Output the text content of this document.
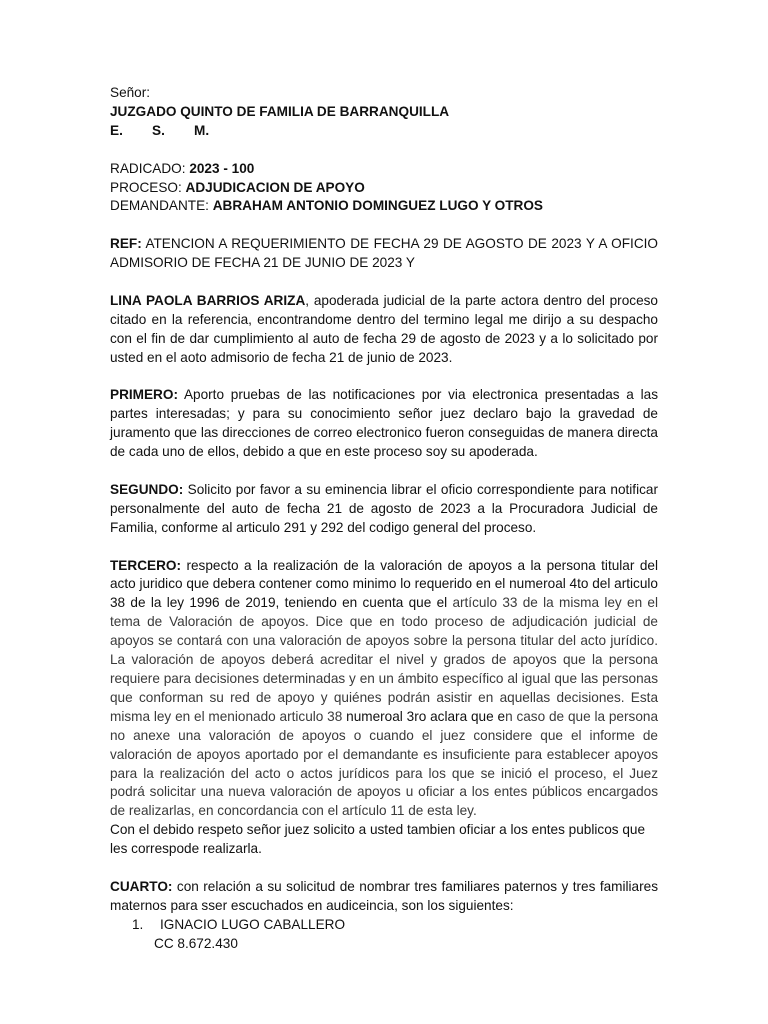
Señor:
JUZGADO QUINTO DE FAMILIA DE BARRANQUILLA
E. S. M.
RADICADO: 2023 - 100
PROCESO: ADJUDICACION DE APOYO
DEMANDANTE: ABRAHAM ANTONIO DOMINGUEZ LUGO Y OTROS

REF: ATENCION A REQUERIMIENTO DE FECHA 29 DE AGOSTO DE 2023 Y A OFICIO ADMISORIO DE FECHA 21 DE JUNIO DE 2023 Y

LINA PAOLA BARRIOS ARIZA, apoderada judicial de la parte actora dentro del proceso citado en la referencia, encontrandome dentro del termino legal me dirijo a su despacho con el fin de dar cumplimiento al auto de fecha 29 de agosto de 2023 y a lo solicitado por usted en el aoto admisorio de fecha 21 de junio de 2023.

PRIMERO: Aporto pruebas de las notificaciones por via electronica presentadas a las partes interesadas; y para su conocimiento señor juez declaro bajo la gravedad de juramento que las direcciones de correo electronico fueron conseguidas de manera directa de cada uno de ellos, debido a que en este proceso soy su apoderada.

SEGUNDO: Solicito por favor a su eminencia librar el oficio correspondiente para notificar personalmente del auto de fecha 21 de agosto de 2023 a la Procuradora Judicial de Familia, conforme al articulo 291 y 292 del codigo general del proceso.

TERCERO: respecto a la realización de la valoración de apoyos a la persona titular del acto juridico que debera contener como minimo lo requerido en el numeroal 4to del articulo 38 de la ley 1996 de 2019, teniendo en cuenta que el artículo 33 de la misma ley en el tema de Valoración de apoyos. Dice que en todo proceso de adjudicación judicial de apoyos se contará con una valoración de apoyos sobre la persona titular del acto jurídico. La valoración de apoyos deberá acreditar el nivel y grados de apoyos que la persona requiere para decisiones determinadas y en un ámbito específico al igual que las personas que conforman su red de apoyo y quiénes podrán asistir en aquellas decisiones. Esta misma ley en el menionado articulo 38 numeroal 3ro aclara que en caso de que la persona no anexe una valoración de apoyos o cuando el juez considere que el informe de valoración de apoyos aportado por el demandante es insuficiente para establecer apoyos para la realización del acto o actos jurídicos para los que se inició el proceso, el Juez podrá solicitar una nueva valoración de apoyos u oficiar a los entes públicos encargados de realizarlas, en concordancia con el artículo 11 de esta ley.

Con el debido respeto señor juez solicito a usted tambien oficiar a los entes publicos que les correspode realizarla.

CUARTO: con relación a su solicitud de nombrar tres familiares paternos y tres familiares maternos para sser escuchados en audiceincia, son los siguientes:

1. IGNACIO LUGO CABALLERO
CC 8.672.430
